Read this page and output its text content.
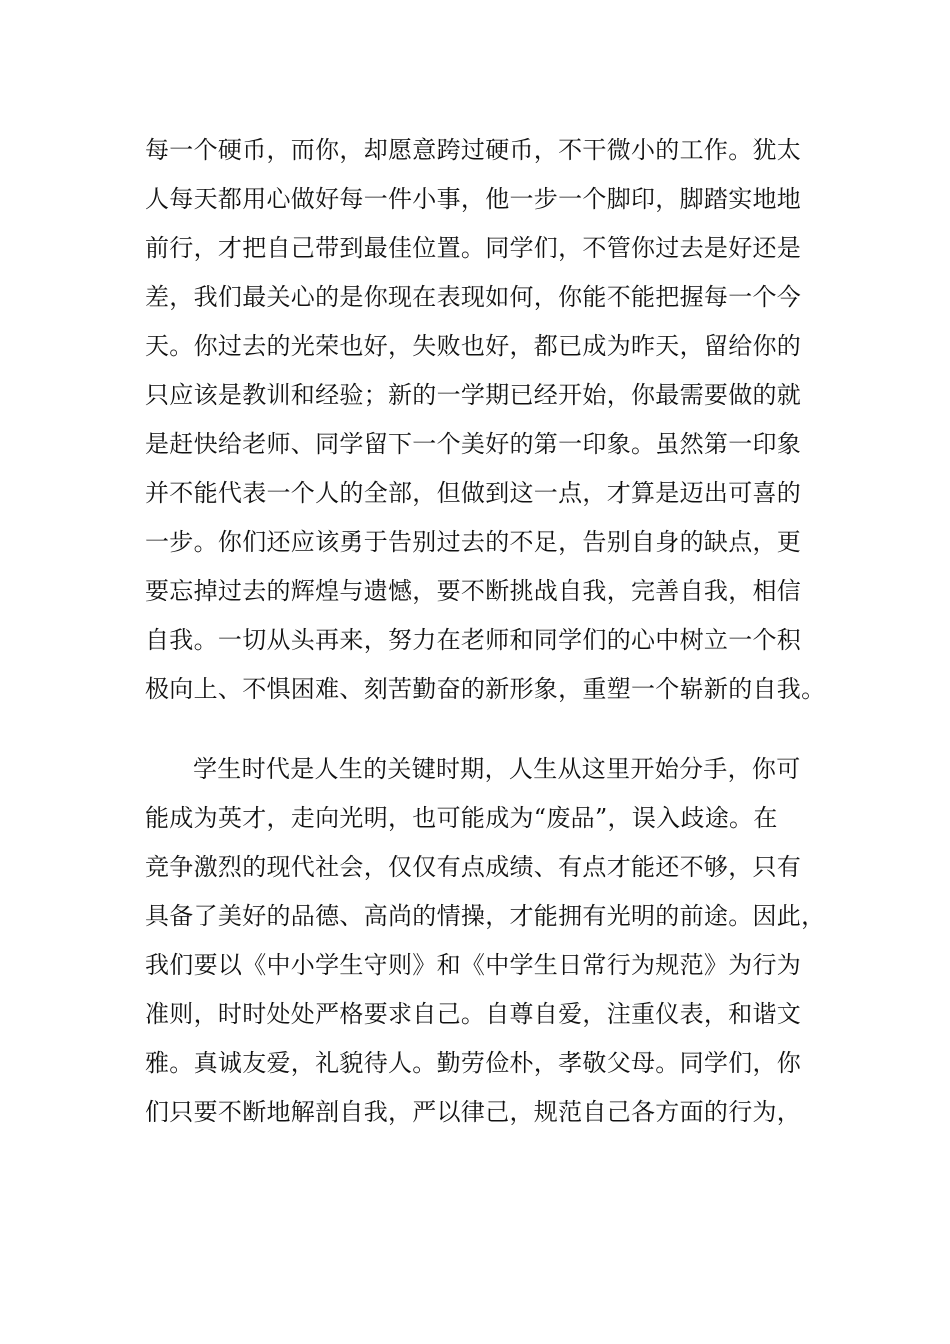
每一个硬币，而你，却愿意跨过硬币，不干微小的工作。犹太
人每天都用心做好每一件小事，他一步一个脚印，脚踏实地地
前行，才把自己带到最佳位置。同学们，不管你过去是好还是
差，我们最关心的是你现在表现如何，你能不能把握每一个今
天。你过去的光荣也好，失败也好，都已成为昨天，留给你的
只应该是教训和经验；新的一学期已经开始，你最需要做的就
是赶快给老师、同学留下一个美好的第一印象。虽然第一印象
并不能代表一个人的全部，但做到这一点，才算是迈出可喜的
一步。你们还应该勇于告别过去的不足，告别自身的缺点，更
要忘掉过去的辉煌与遗憾，要不断挑战自我，完善自我，相信
自我。一切从头再来，努力在老师和同学们的心中树立一个积
极向上、不惧困难、刻苦勤奋的新形象，重塑一个崭新的自我。
学生时代是人生的关键时期，人生从这里开始分手，你可
能成为英才，走向光明，也可能成为“废品”，误入歧途。在
竞争激烈的现代社会，仅仅有点成绩、有点才能还不够，只有
具备了美好的品德、高尚的情操，才能拥有光明的前途。因此，
我们要以《中小学生守则》和《中学生日常行为规范》为行为
准则，时时处处严格要求自己。自尊自爱，注重仪表，和谐文
雅。真诚友爱，礼貌待人。勤劳俭朴，孝敬父母。同学们，你
们只要不断地解剖自我，严以律己，规范自己各方面的行为，
